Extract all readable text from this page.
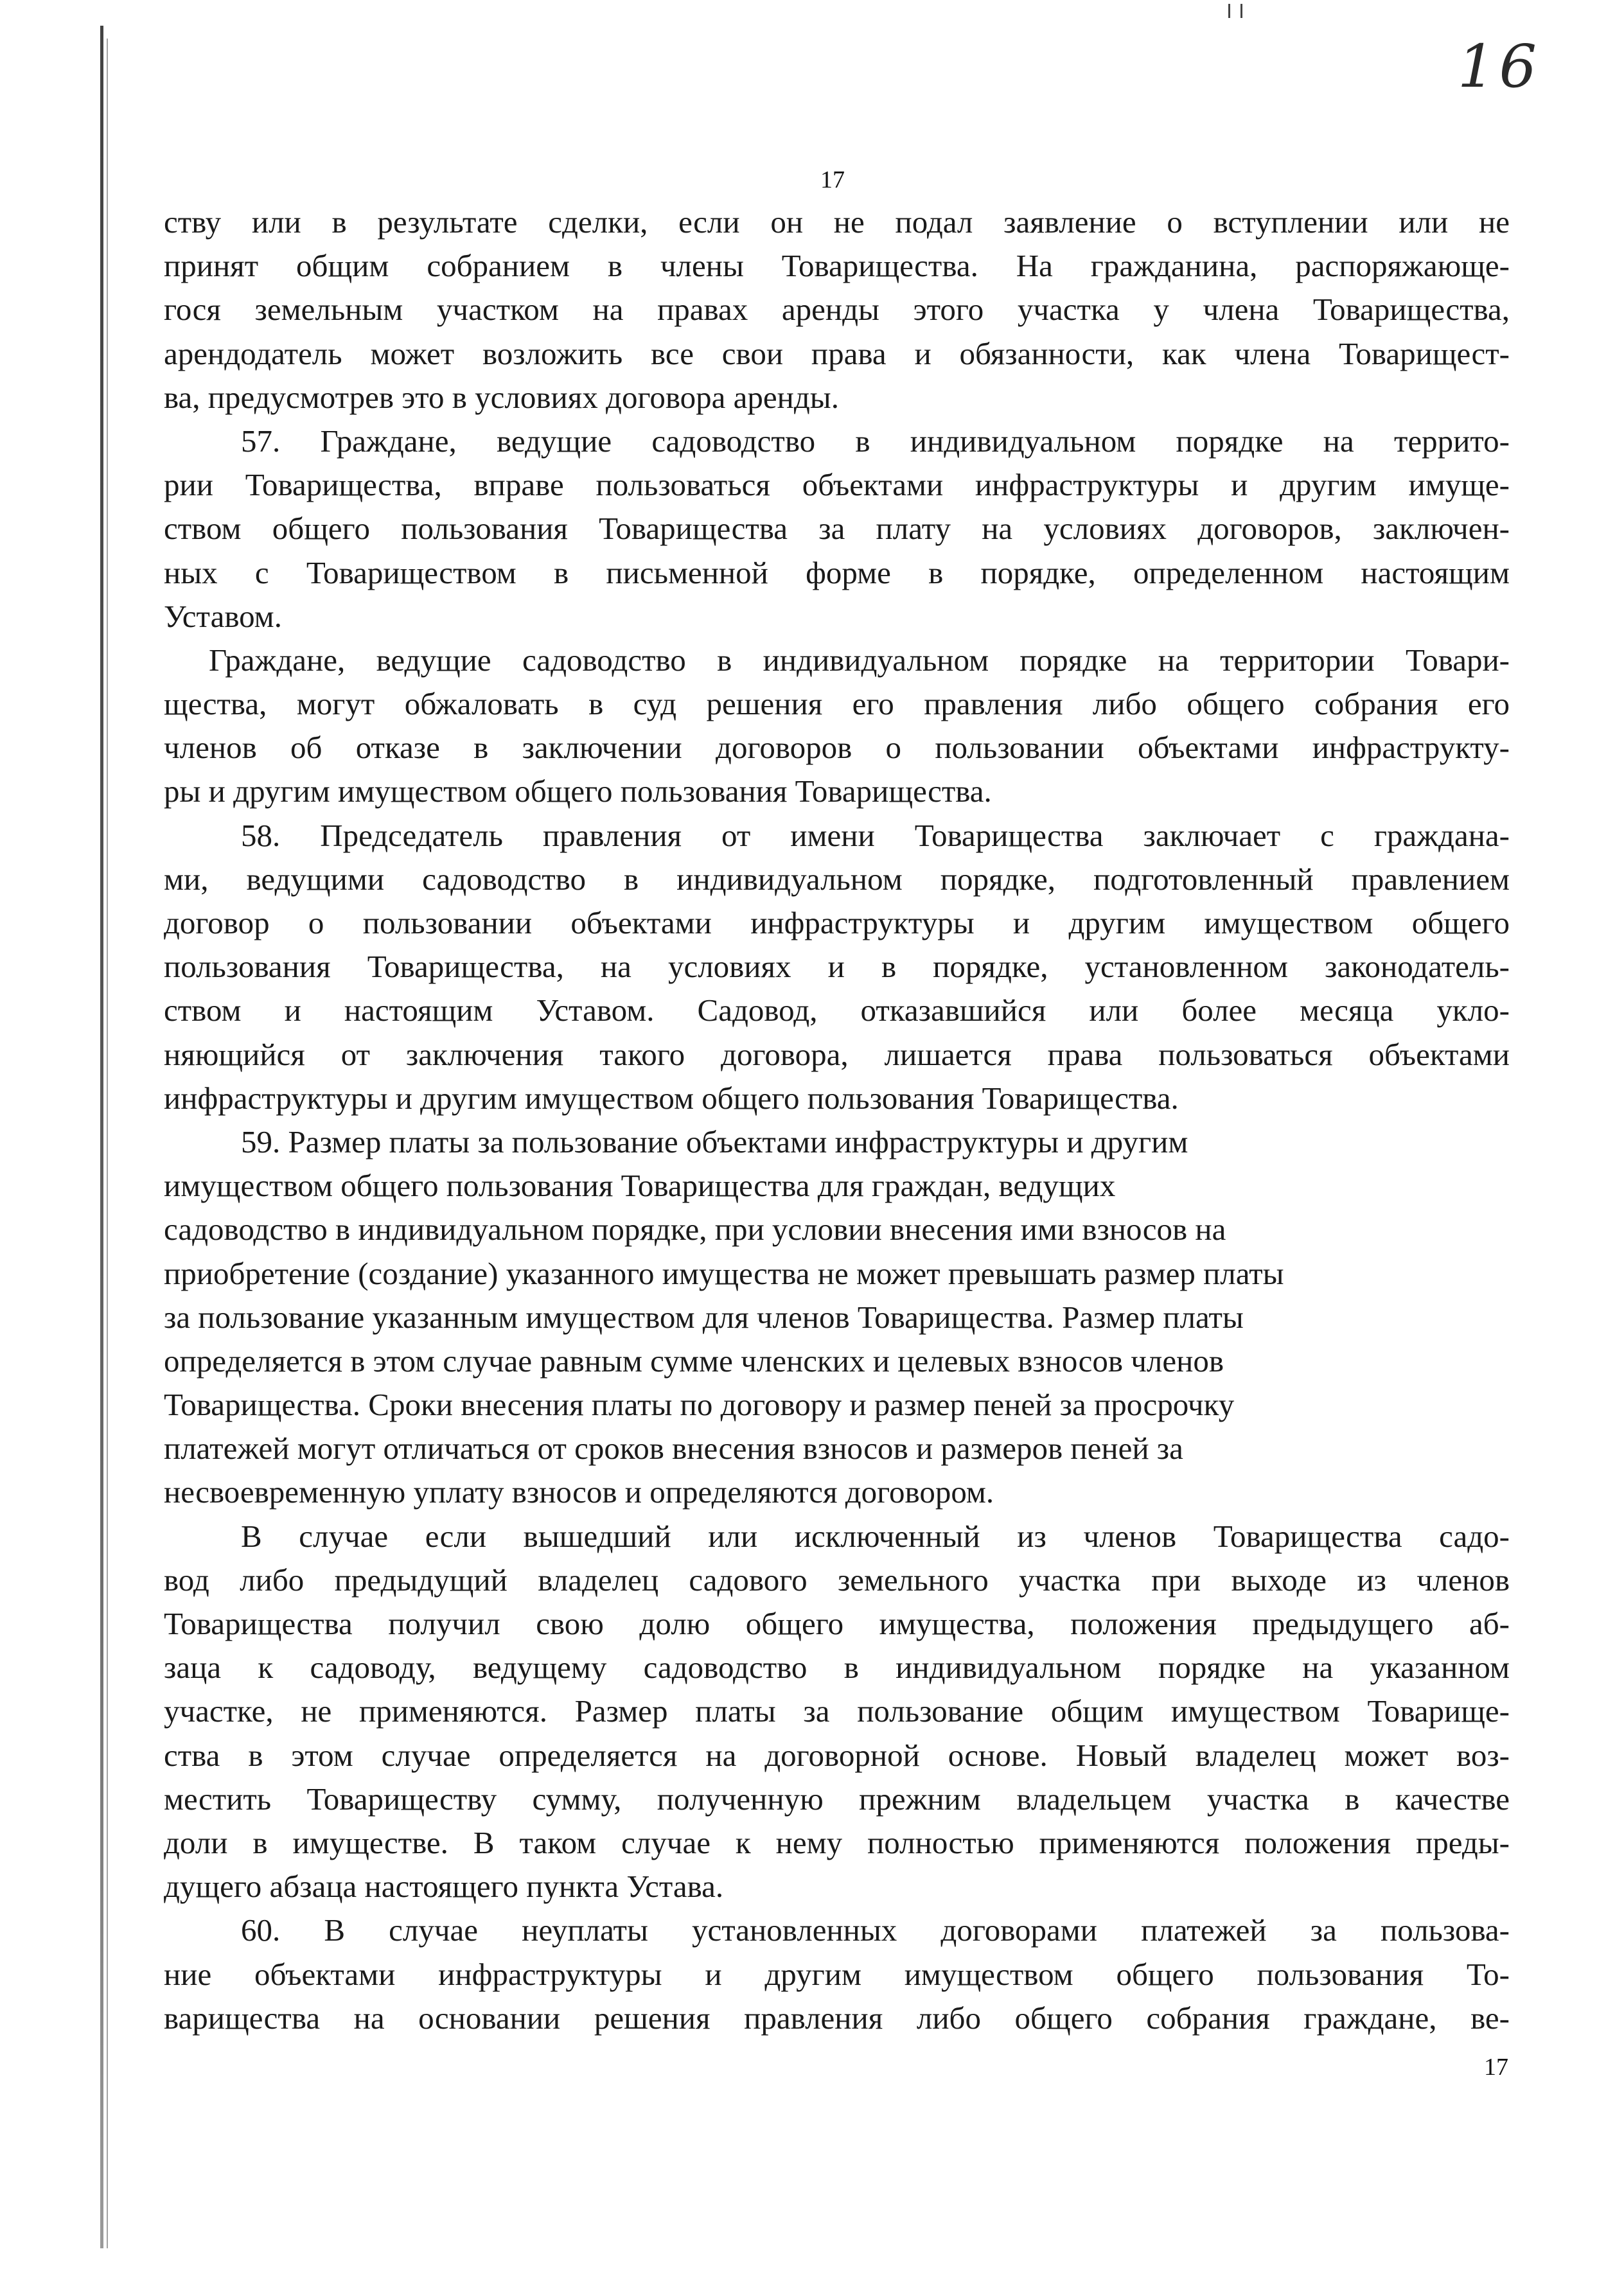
16
17
ству или в результате сделки, если он не подал заявление о вступлении или не
принят общим собранием в члены Товарищества. На гражданина, распоряжающе-
гося земельным участком на правах аренды этого участка у члена Товарищества,
арендодатель может возложить все свои права и обязанности, как члена Товарищест-
ва, предусмотрев это в условиях договора аренды.
57. Граждане, ведущие садоводство в индивидуальном порядке на террито-
рии Товарищества, вправе пользоваться объектами инфраструктуры и другим имуще-
ством общего пользования Товарищества за плату на условиях договоров, заключен-
ных с Товариществом в письменной форме в порядке, определенном настоящим
Уставом.
Граждане, ведущие садоводство в индивидуальном порядке на территории Товари-
щества, могут обжаловать в суд решения его правления либо общего собрания его
членов об отказе в заключении договоров о пользовании объектами инфраструкту-
ры и другим имуществом общего пользования Товарищества.
58. Председатель правления от имени Товарищества заключает с граждана-
ми, ведущими садоводство в индивидуальном порядке, подготовленный правлением
договор о пользовании объектами инфраструктуры и другим имуществом общего
пользования Товарищества, на условиях и в порядке, установленном законодатель-
ством и настоящим Уставом. Садовод, отказавшийся или более месяца укло-
няющийся от заключения такого договора, лишается права пользоваться объектами
инфраструктуры и другим имуществом общего пользования Товарищества.
59. Размер платы за пользование объектами инфраструктуры и другим
имуществом общего пользования Товарищества для граждан, ведущих
садоводство в индивидуальном порядке, при условии внесения ими взносов на
приобретение (создание) указанного имущества не может превышать размер платы
за пользование указанным имуществом для членов Товарищества. Размер платы
определяется в этом случае равным сумме членских и целевых взносов членов
Товарищества. Сроки внесения платы по договору и размер пеней за просрочку
платежей могут отличаться от сроков внесения взносов и размеров пеней за
несвоевременную уплату взносов и определяются договором.
В случае если вышедший или исключенный из членов Товарищества садо-
вод либо предыдущий владелец садового земельного участка при выходе из членов
Товарищества получил свою долю общего имущества, положения предыдущего аб-
заца к садоводу, ведущему садоводство в индивидуальном порядке на указанном
участке, не применяются. Размер платы за пользование общим имуществом Товарище-
ства в этом случае определяется на договорной основе. Новый владелец может воз-
местить Товариществу сумму, полученную прежним владельцем участка в качестве
доли в имуществе. В таком случае к нему полностью применяются положения преды-
дущего абзаца настоящего пункта Устава.
60. В случае неуплаты установленных договорами платежей за пользова-
ние объектами инфраструктуры и другим имуществом общего пользования То-
варищества на основании решения правления либо общего собрания граждане, ве-
17
